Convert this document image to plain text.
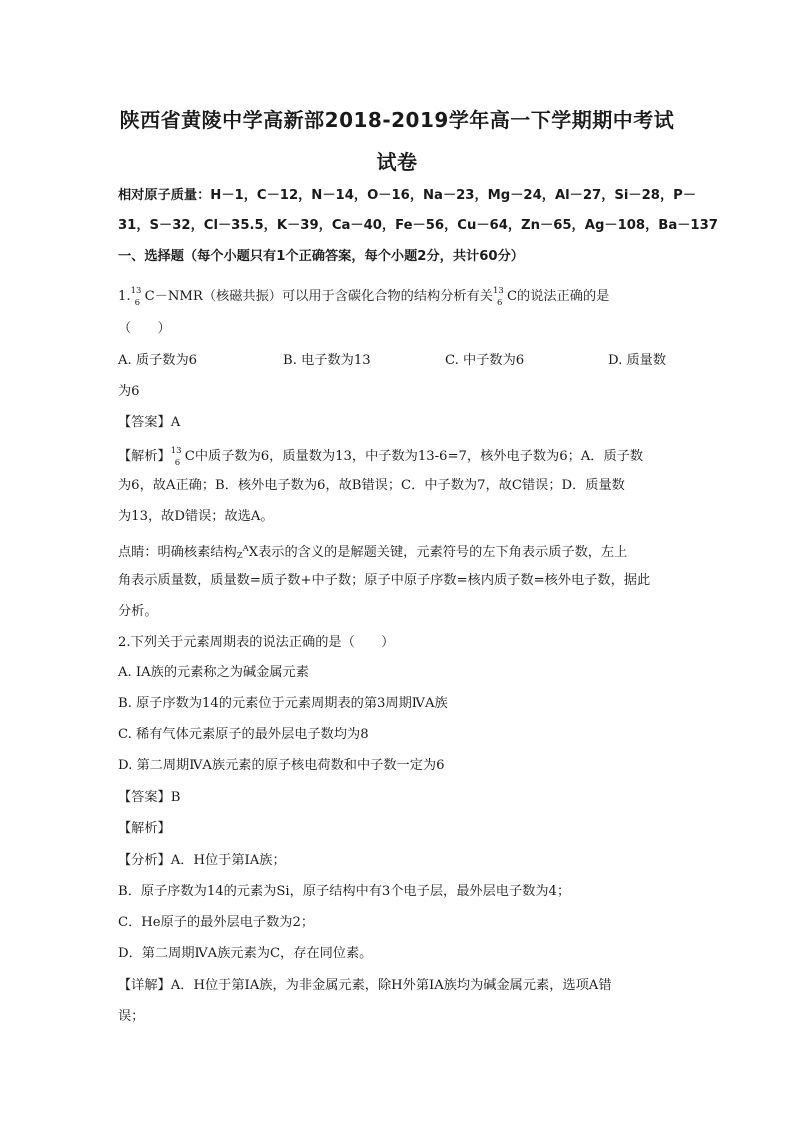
陕西省黄陵中学高新部2018-2019学年高一下学期期中考试
试卷
相对原子质量：H－1，C－12，N－14，O－16，Na－23，Mg－24，Al－27，Si－28，P－
31，S－32，Cl－35.5，K－39，Ca－40，Fe－56，Cu－64，Zn－65，Ag－108，Ba－137
一、选择题（每个小题只有1个正确答案，每个小题2分，共计60分）
1. 13
6 C－NMR（核磁共振）可以用于含碳化合物的结构分析有关 13
6 C的说法正确的是
（　　）
A. 质子数为6	B. 电子数为13	C. 中子数为6	D. 质量数
为6
【答案】A
【解析】 13
6 C中质子数为6，质量数为13，中子数为13-6=7，核外电子数为6；A．质子数
为6，故A正确；B．核外电子数为6，故B错误；C．中子数为7，故C错误；D．质量数
为13，故D错误；故选A。
点睛：明确核素结构ZAX表示的含义的是解题关键，元素符号的左下角表示质子数，左上
角表示质量数，质量数=质子数+中子数；原子中原子序数=核内质子数=核外电子数，据此
分析。
2.下列关于元素周期表的说法正确的是（　　）
A. ⅠA族的元素称之为碱金属元素
B. 原子序数为14的元素位于元素周期表的第3周期ⅣA族
C. 稀有气体元素原子的最外层电子数均为8
D. 第二周期ⅣA族元素的原子核电荷数和中子数一定为6
【答案】B
【解析】
【分析】A．H位于第IA族；
B．原子序数为14的元素为Si，原子结构中有3个电子层，最外层电子数为4；
C．He原子的最外层电子数为2；
D．第二周期ⅣA族元素为C，存在同位素。
【详解】A．H位于第IA族，为非金属元素，除H外第IA族均为碱金属元素，选项A错
误；
